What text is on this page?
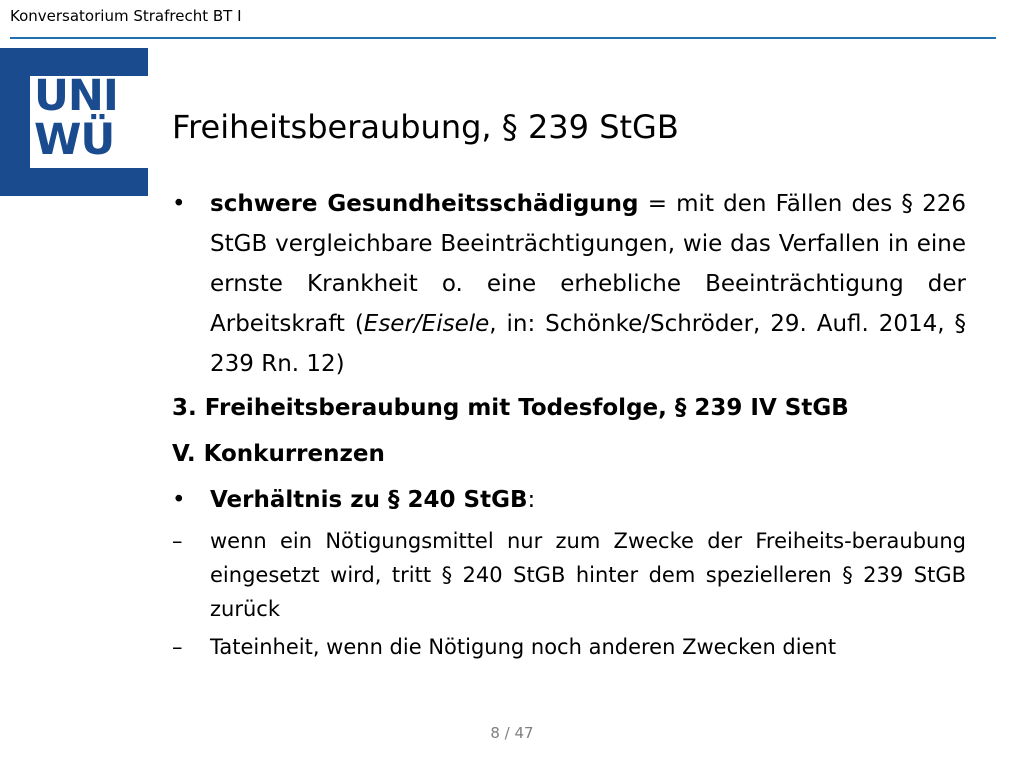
Konversatorium Strafrecht BT I
UNI
WÜ	Freiheitsberaubung, § 239 StGB
• schwere Gesundheitsschädigung = mit den Fällen des § 226 StGB vergleichbare Beeinträchtigungen, wie das Verfallen in eine ernste Krankheit o. eine erhebliche Beeinträchtigung der Arbeitskraft (Eser/Eisele, in: Schönke/Schröder, 29. Aufl. 2014, § 239 Rn. 12)
3. Freiheitsberaubung mit Todesfolge, § 239 IV StGB
V. Konkurrenzen
• Verhältnis zu § 240 StGB:
– wenn ein Nötigungsmittel nur zum Zwecke der Freiheits-beraubung eingesetzt wird, tritt § 240 StGB hinter dem spezielleren § 239 StGB zurück
– Tateinheit, wenn die Nötigung noch anderen Zwecken dient
8 / 47
